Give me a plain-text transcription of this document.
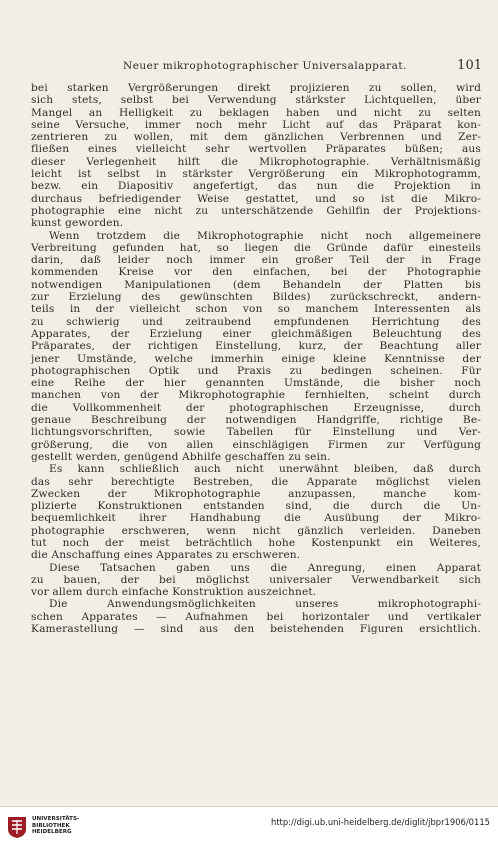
Neuer mikrophotographischer Universalapparat.	101
bei starken Vergrößerungen direkt projizieren zu sollen, wird
sich stets, selbst bei Verwendung stärkster Lichtquellen, über
Mangel an Helligkeit zu beklagen haben und nicht zu selten
seine Versuche, immer noch mehr Licht auf das Präparat kon-
zentrieren zu wollen, mit dem gänzlichen Verbrennen und Zer-
fließen eines vielleicht sehr wertvollen Präparates büßen; aus
dieser Verlegenheit hilft die Mikrophotographie. Verhältnismäßig
leicht ist selbst in stärkster Vergrößerung ein Mikrophotogramm,
bezw. ein Diapositiv angefertigt, das nun die Projektion in
durchaus befriedigender Weise gestattet, und so ist die Mikro-
photographie eine nicht zu unterschätzende Gehilfin der Projektions-
kunst geworden.
Wenn trotzdem die Mikrophotographie nicht noch allgemeinere
Verbreitung gefunden hat, so liegen die Gründe dafür einesteils
darin, daß leider noch immer ein großer Teil der in Frage
kommenden Kreise vor den einfachen, bei der Photographie
notwendigen Manipulationen (dem Behandeln der Platten bis
zur Erzielung des gewünschten Bildes) zurückschreckt, andern-
teils in der vielleicht schon von so manchem Interessenten als
zu schwierig und zeitraubend empfundenen Herrichtung des
Apparates, der Erzielung einer gleichmäßigen Beleuchtung des
Präparates, der richtigen Einstellung, kurz, der Beachtung aller
jener Umstände, welche immerhin einige kleine Kenntnisse der
photographischen Optik und Praxis zu bedingen scheinen. Für
eine Reihe der hier genannten Umstände, die bisher noch
manchen von der Mikrophotographie fernhielten, scheint durch
die Vollkommenheit der photographischen Erzeugnisse, durch
genaue Beschreibung der notwendigen Handgriffe, richtige Be-
lichtungsvorschriften, sowie Tabellen für Einstellung und Ver-
größerung, die von allen einschlägigen Firmen zur Verfügung
gestellt werden, genügend Abhilfe geschaffen zu sein.
Es kann schließlich auch nicht unerwähnt bleiben, daß durch
das sehr berechtigte Bestreben, die Apparate möglichst vielen
Zwecken der Mikrophotographie anzupassen, manche kom-
plizierte Konstruktionen entstanden sind, die durch die Un-
bequemlichkeit ihrer Handhabung die Ausübung der Mikro-
photographie erschweren, wenn nicht gänzlich verleiden. Daneben
tut noch der meist beträchtlich hohe Kostenpunkt ein Weiteres,
die Anschaffung eines Apparates zu erschweren.
Diese Tatsachen gaben uns die Anregung, einen Apparat
zu bauen, der bei möglichst universaler Verwendbarkeit sich
vor allem durch einfache Konstruktion auszeichnet.
Die Anwendungsmöglichkeiten unseres mikrophotographi-
schen Apparates — Aufnahmen bei horizontaler und vertikaler
Kamerastellung — sind aus den beistehenden Figuren ersichtlich.
UNIVERSITÄTS-
BIBLIOTHEK
HEIDELBERG
http://digi.ub.uni-heidelberg.de/diglit/jbpr1906/0115
